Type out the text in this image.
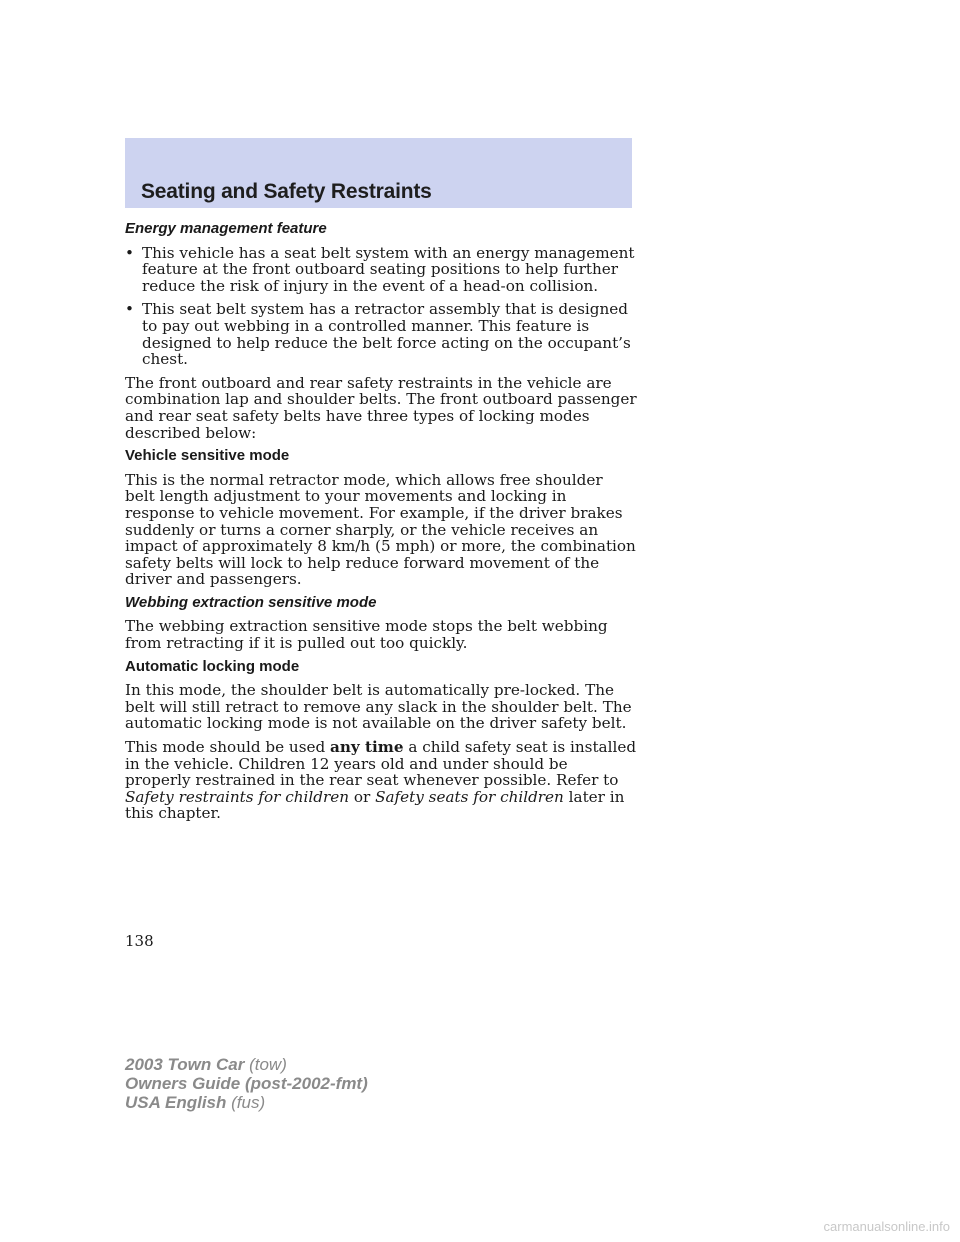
Seating and Safety Restraints
Energy management feature
• This vehicle has a seat belt system with an energy management feature at the front outboard seating positions to help further reduce the risk of injury in the event of a head-on collision.
• This seat belt system has a retractor assembly that is designed to pay out webbing in a controlled manner. This feature is designed to help reduce the belt force acting on the occupant’s chest.

The front outboard and rear safety restraints in the vehicle are combination lap and shoulder belts. The front outboard passenger and rear seat safety belts have three types of locking modes described below:

Vehicle sensitive mode

This is the normal retractor mode, which allows free shoulder belt length adjustment to your movements and locking in response to vehicle movement. For example, if the driver brakes suddenly or turns a corner sharply, or the vehicle receives an impact of approximately 8 km/h (5 mph) or more, the combination safety belts will lock to help reduce forward movement of the driver and passengers.

Webbing extraction sensitive mode

The webbing extraction sensitive mode stops the belt webbing from retracting if it is pulled out too quickly.

Automatic locking mode

In this mode, the shoulder belt is automatically pre-locked. The belt will still retract to remove any slack in the shoulder belt. The automatic locking mode is not available on the driver safety belt.

This mode should be used any time a child safety seat is installed in the vehicle. Children 12 years old and under should be properly restrained in the rear seat whenever possible. Refer to Safety restraints for children or Safety seats for children later in this chapter.

138
2003 Town Car (tow)
Owners Guide (post-2002-fmt)
USA English (fus)
carmanualsonline.info
